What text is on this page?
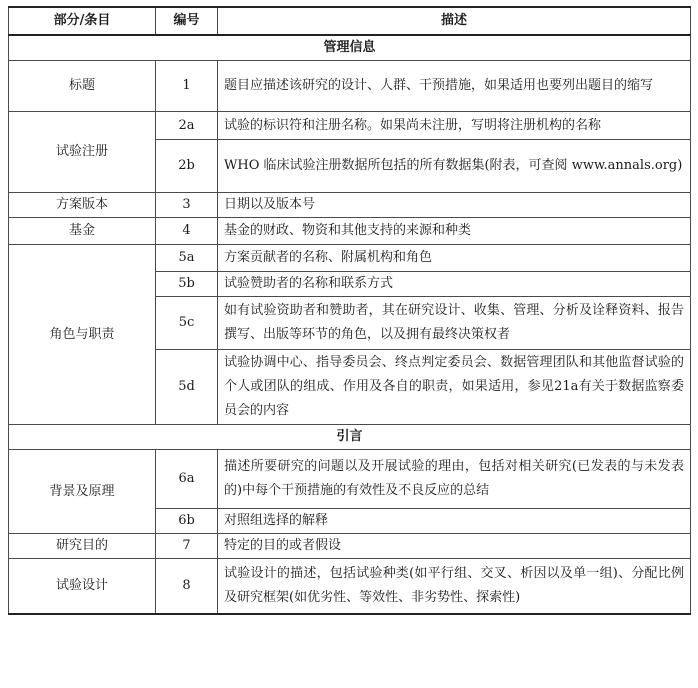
部分/条目	编号	描述
管理信息		
标题	1	题目应描述该研究的设计、人群、干预措施，如果适用也要列出题目的缩写
试验注册	2a	试验的标识符和注册名称。如果尚未注册，写明将注册机构的名称
	2b	WHO 临床试验注册数据所包括的所有数据集(附表，可查阅 www.annals.org)
方案版本	3	日期以及版本号
基金	4	基金的财政、物资和其他支持的来源和种类
角色与职责	5a	方案贡献者的名称、附属机构和角色
	5b	试验赞助者的名称和联系方式
	5c	如有试验资助者和赞助者，其在研究设计、收集、管理、分析及诠释资料、报告撰写、出版等环节的角色，以及拥有最终决策权者
	5d	试验协调中心、指导委员会、终点判定委员会、数据管理团队和其他监督试验的个人或团队的组成、作用及各自的职责，如果适用，参见21a有关于数据监察委员会的内容
引言		
背景及原理	6a	描述所要研究的问题以及开展试验的理由，包括对相关研究(已发表的与未发表的)中每个干预措施的有效性及不良反应的总结
	6b	对照组选择的解释
研究目的	7	特定的目的或者假设
试验设计	8	试验设计的描述，包括试验种类(如平行组、交叉、析因以及单一组)、分配比例及研究框架(如优劣性、等效性、非劣势性、探索性)
